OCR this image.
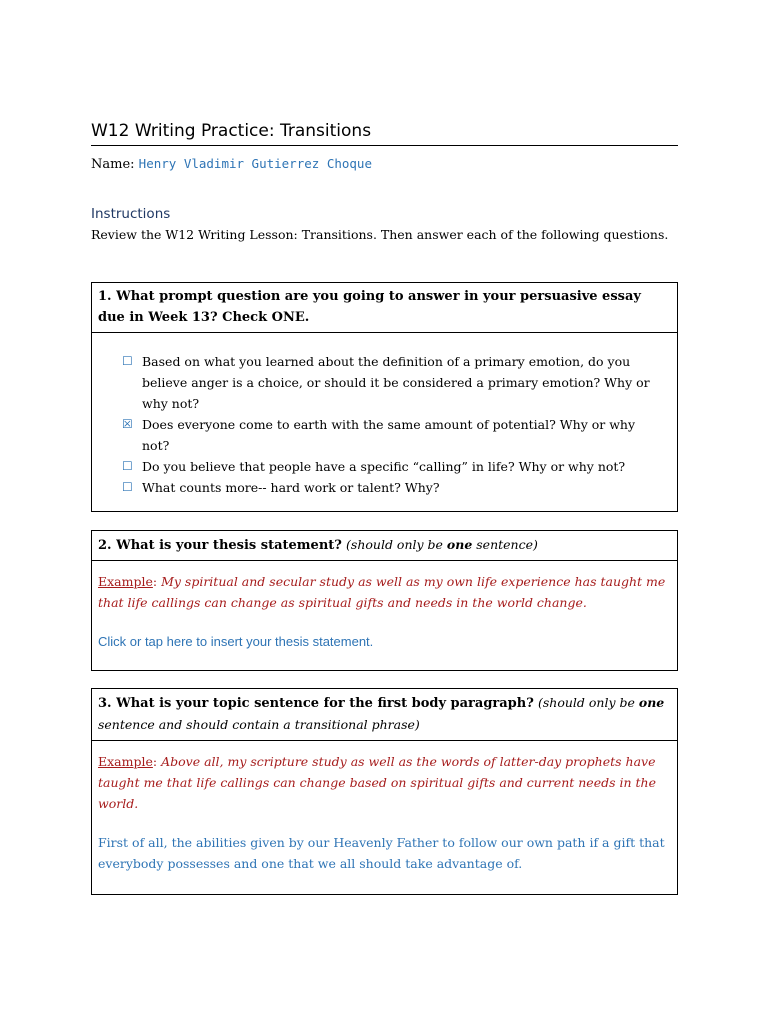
W12 Writing Practice: Transitions
Name: Henry Vladimir Gutierrez Choque
Instructions
Review the W12 Writing Lesson: Transitions. Then answer each of the following questions.
1. What prompt question are you going to answer in your persuasive essay due in Week 13? Check ONE.
☐ Based on what you learned about the definition of a primary emotion, do you believe anger is a choice, or should it be considered a primary emotion? Why or why not?
☒ Does everyone come to earth with the same amount of potential? Why or why not?
☐ Do you believe that people have a specific “calling” in life? Why or why not?
☐ What counts more-- hard work or talent? Why?
2. What is your thesis statement? (should only be one sentence)
Example: My spiritual and secular study as well as my own life experience has taught me that life callings can change as spiritual gifts and needs in the world change.
Click or tap here to insert your thesis statement.
3. What is your topic sentence for the first body paragraph? (should only be one sentence and should contain a transitional phrase)
Example: Above all, my scripture study as well as the words of latter-day prophets have taught me that life callings can change based on spiritual gifts and current needs in the world.
First of all, the abilities given by our Heavenly Father to follow our own path if a gift that everybody possesses and one that we all should take advantage of.
